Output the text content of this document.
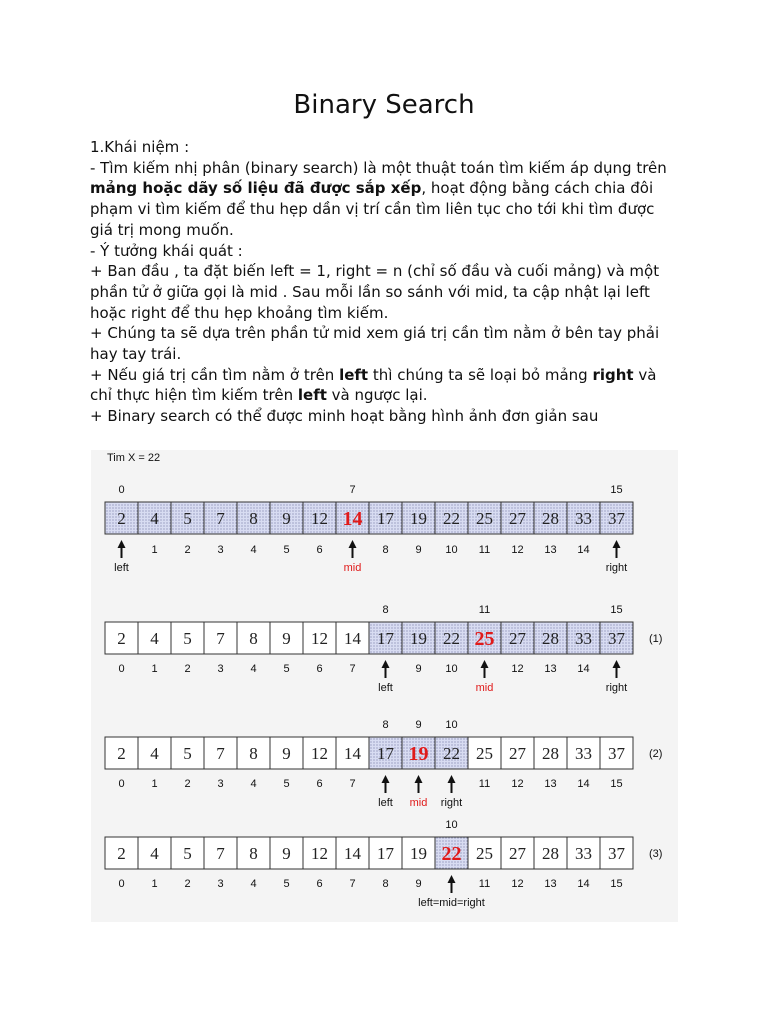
Binary Search

1.Khái niệm :

- Tìm kiếm nhị phân (binary search) là một thuật toán tìm kiếm áp dụng trên

mảng hoặc dãy số liệu đã được sắp xếp, hoạt động bằng cách chia đôi

phạm vi tìm kiếm để thu hẹp dần vị trí cần tìm liên tục cho tới khi tìm được

giá trị mong muốn.

- Ý tưởng khái quát :

+ Ban đầu , ta đặt biến left = 1, right = n (chỉ số đầu và cuối mảng) và một

phần tử ở giữa gọi là mid . Sau mỗi lần so sánh với mid, ta cập nhật lại left

hoặc right để thu hẹp khoảng tìm kiếm.

+ Chúng ta sẽ dựa trên phần tử mid xem giá trị cần tìm nằm ở bên tay phải

hay tay trái.

+ Nếu giá trị cần tìm nằm ở trên left thì chúng ta sẽ loại bỏ mảng right và

chỉ thực hiện tìm kiếm trên left và ngược lại.

+ Binary search có thể được minh hoạt bằng hình ảnh đơn giản sau

Tim X = 22
2 4 5 7 8 9 12 14 17 19 22 25 27 28 33 37
1 2 3 4 5 6	8 9 10 11 12 13 14
0	7	15
left	mid	right
2 4 5 7 8 9 12 14 17 19 22 25 27 28 33 37
0 1 2 3 4 5 6 7	9 10	12 13 14
8	11	15
left	mid	right
(1)
2 4 5 7 8 9 12 14 17 19 22 25 27 28 33 37
0 1 2 3 4 5 6 7	11 12 13 14 15
8 9 10
left mid right
(2)
2 4 5 7 8 9 12 14 17 19 22 25 27 28 33 37
0 1 2 3 4 5 6 7 8 9	11 12 13 14 15
10
left=mid=right
(3)
